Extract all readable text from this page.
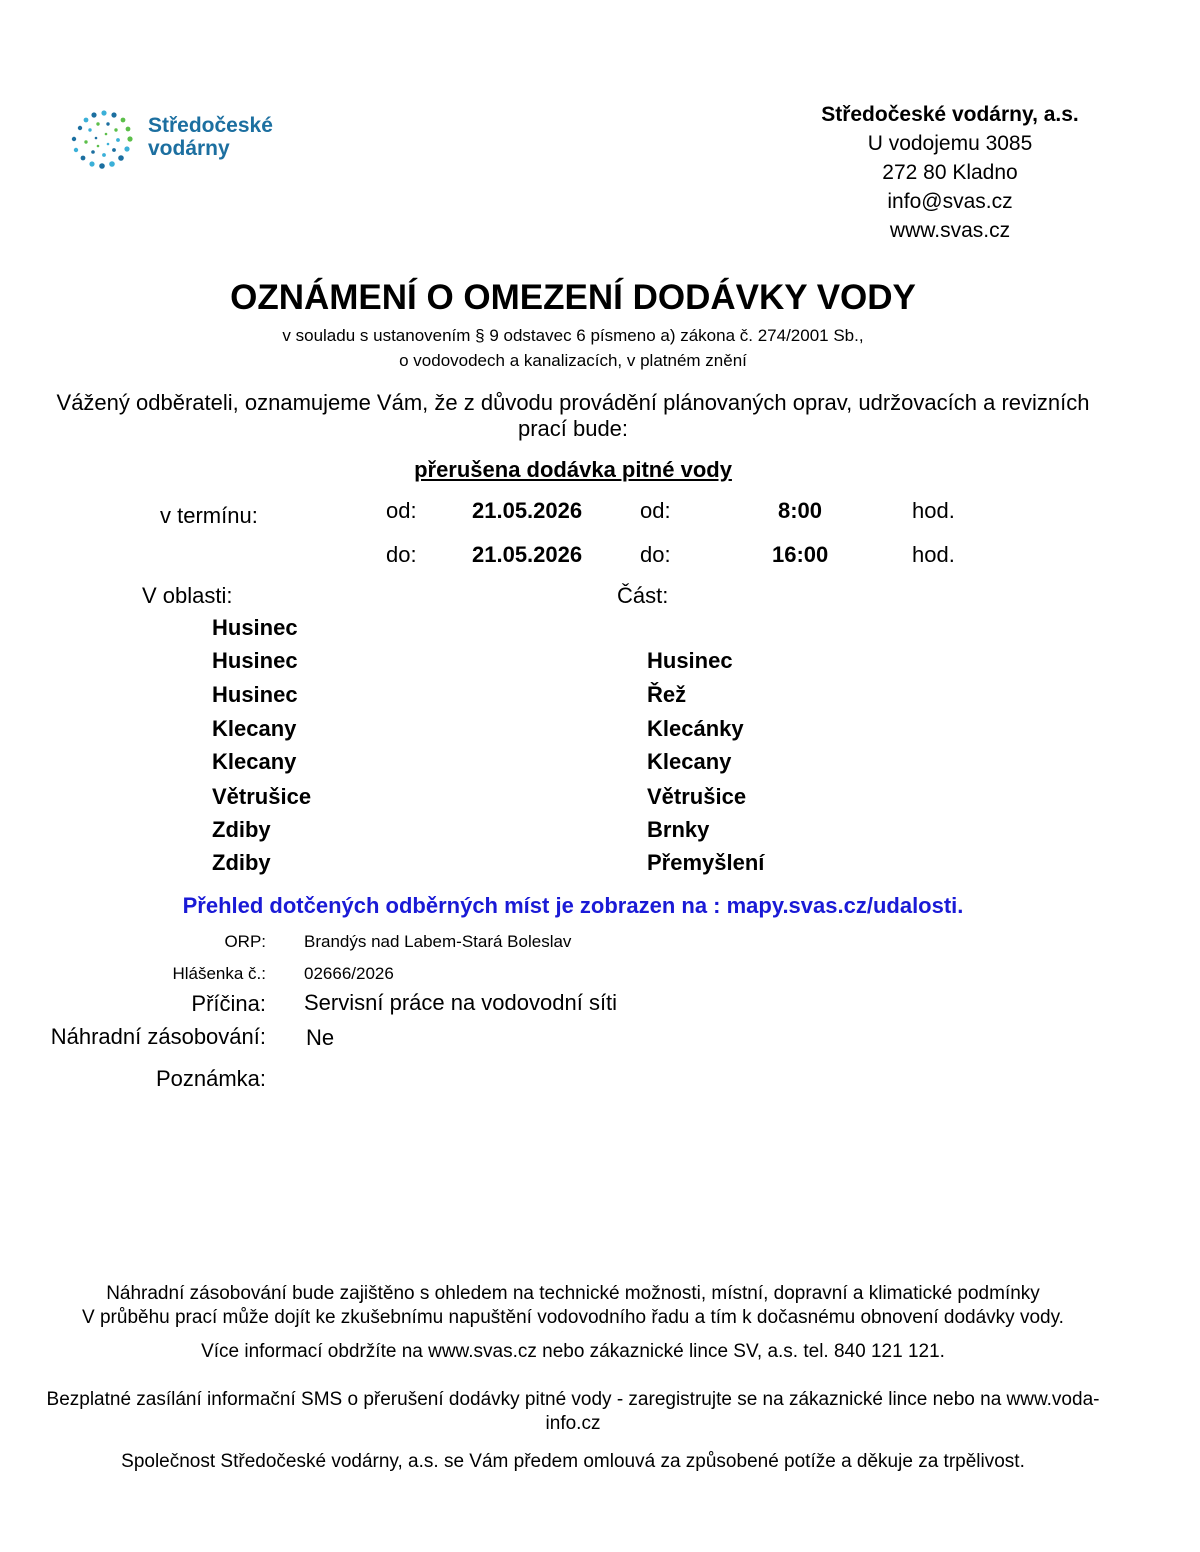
Středočeské
vodárny
Středočeské vodárny, a.s.
U vodojemu 3085
272 80 Kladno
info@svas.cz
www.svas.cz
OZNÁMENÍ O OMEZENÍ DODÁVKY VODY
v souladu s ustanovením § 9 odstavec 6 písmeno a) zákona č. 274/2001 Sb.,
o vodovodech a kanalizacích, v platném znění
Vážený odběrateli, oznamujeme Vám, že z důvodu provádění plánovaných oprav, udržovacích a revizních prací bude:
přerušena dodávka pitné vody
v termínu:	od:	21.05.2026	od:	8:00	hod.
do:	21.05.2026	do:	16:00	hod.
V oblasti:	Část:
Husinec
Husinec	Husinec
Husinec	Řež
Klecany	Klecánky
Klecany	Klecany
Větrušice	Větrušice
Zdiby	Brnky
Zdiby	Přemyšlení
Přehled dotčených odběrných míst je zobrazen na : mapy.svas.cz/udalosti.
ORP: Brandýs nad Labem-Stará Boleslav
Hlášenka č.: 02666/2026
Příčina: Servisní práce na vodovodní síti
Náhradní zásobování: Ne
Poznámka:

Náhradní zásobování bude zajištěno s ohledem na technické možnosti, místní, dopravní a klimatické podmínky

V průběhu prací může dojít ke zkušebnímu napuštění vodovodního řadu a tím k dočasnému obnovení dodávky vody.

Více informací obdržíte na www.svas.cz nebo zákaznické lince SV, a.s. tel. 840 121 121.

Bezplatné zasílání informační SMS o přerušení dodávky pitné vody - zaregistrujte se na zákaznické lince nebo na www.voda-info.cz

Společnost Středočeské vodárny, a.s. se Vám předem omlouvá za způsobené potíže a děkuje za trpělivost.
